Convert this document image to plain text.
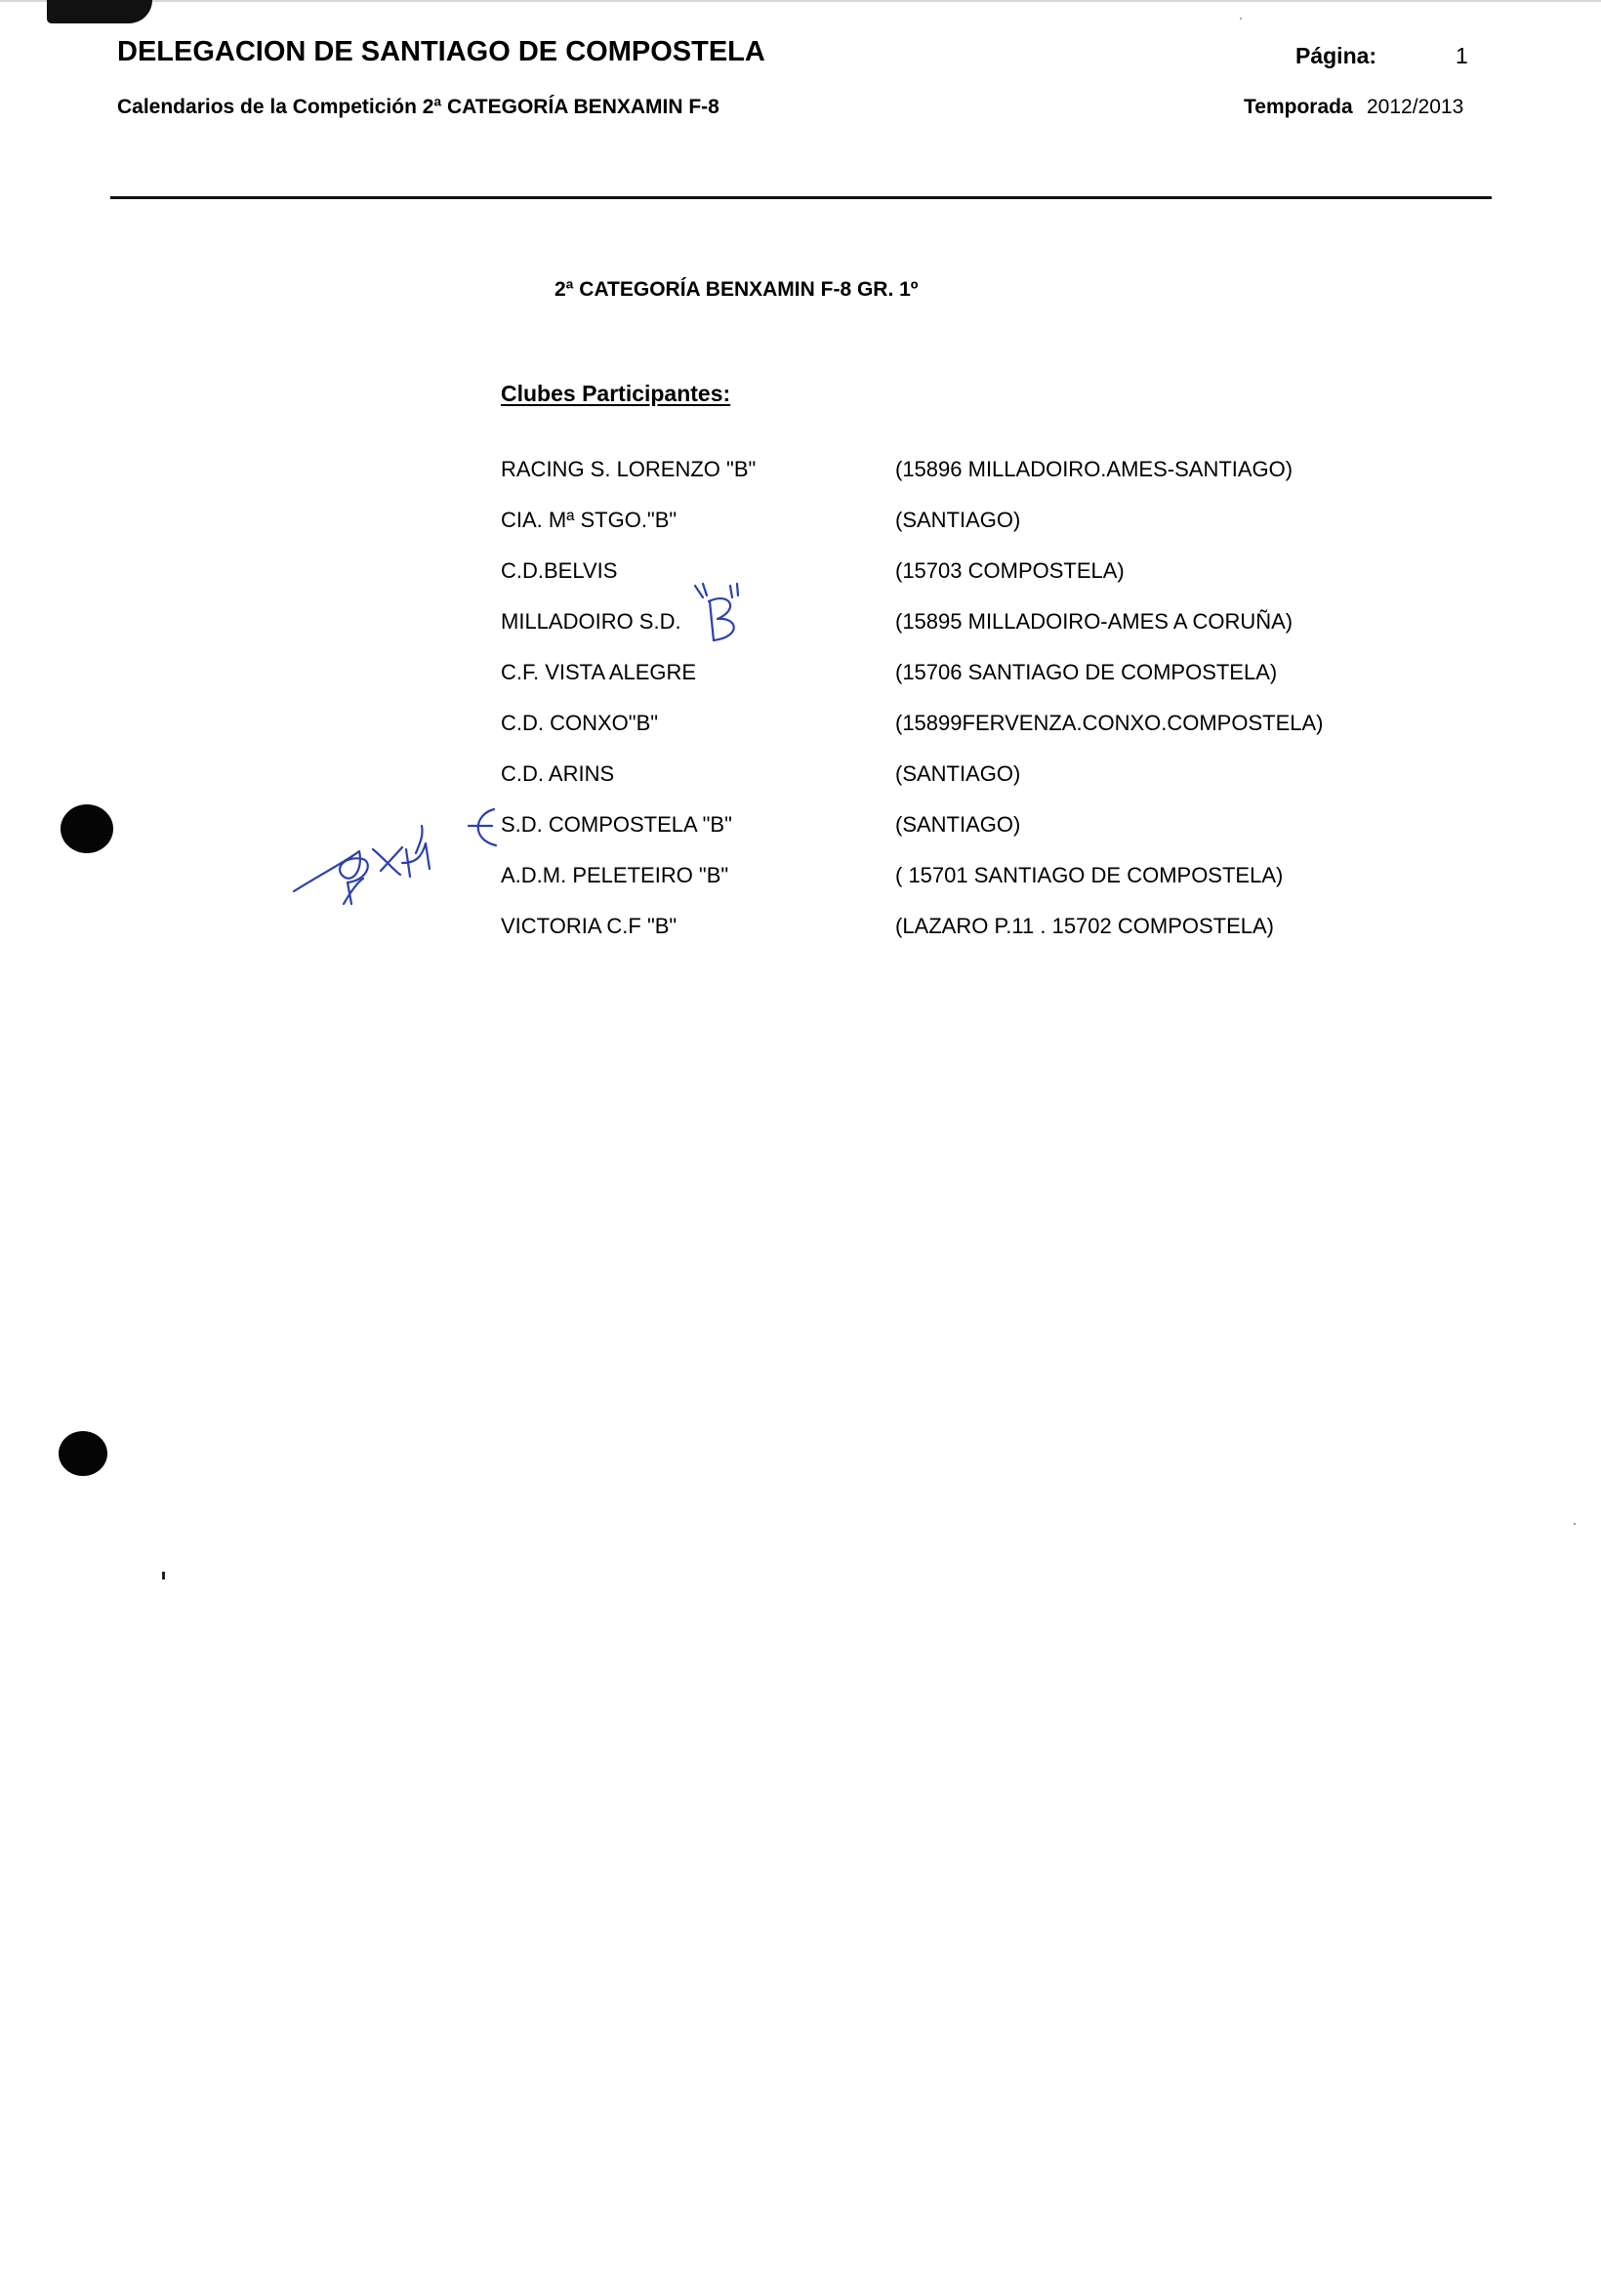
DELEGACION DE SANTIAGO DE COMPOSTELA	Página:	1
Calendarios de la Competición 2ª CATEGORÍA BENXAMIN F-8	Temporada 2012/2013
2ª CATEGORÍA BENXAMIN F-8 GR. 1º
Clubes Participantes:
RACING S. LORENZO "B"	(15896 MILLADOIRO.AMES-SANTIAGO)
CIA. Mª STGO."B"	(SANTIAGO)
C.D.BELVIS	(15703 COMPOSTELA)
MILLADOIRO S.D.	(15895 MILLADOIRO-AMES A CORUÑA)
C.F. VISTA ALEGRE	(15706 SANTIAGO DE COMPOSTELA)
C.D. CONXO"B"	(15899FERVENZA.CONXO.COMPOSTELA)
C.D. ARINS	(SANTIAGO)
S.D. COMPOSTELA "B"	(SANTIAGO)
A.D.M. PELETEIRO "B"	( 15701 SANTIAGO DE COMPOSTELA)
VICTORIA C.F "B"	(LAZARO P.11 . 15702 COMPOSTELA)
